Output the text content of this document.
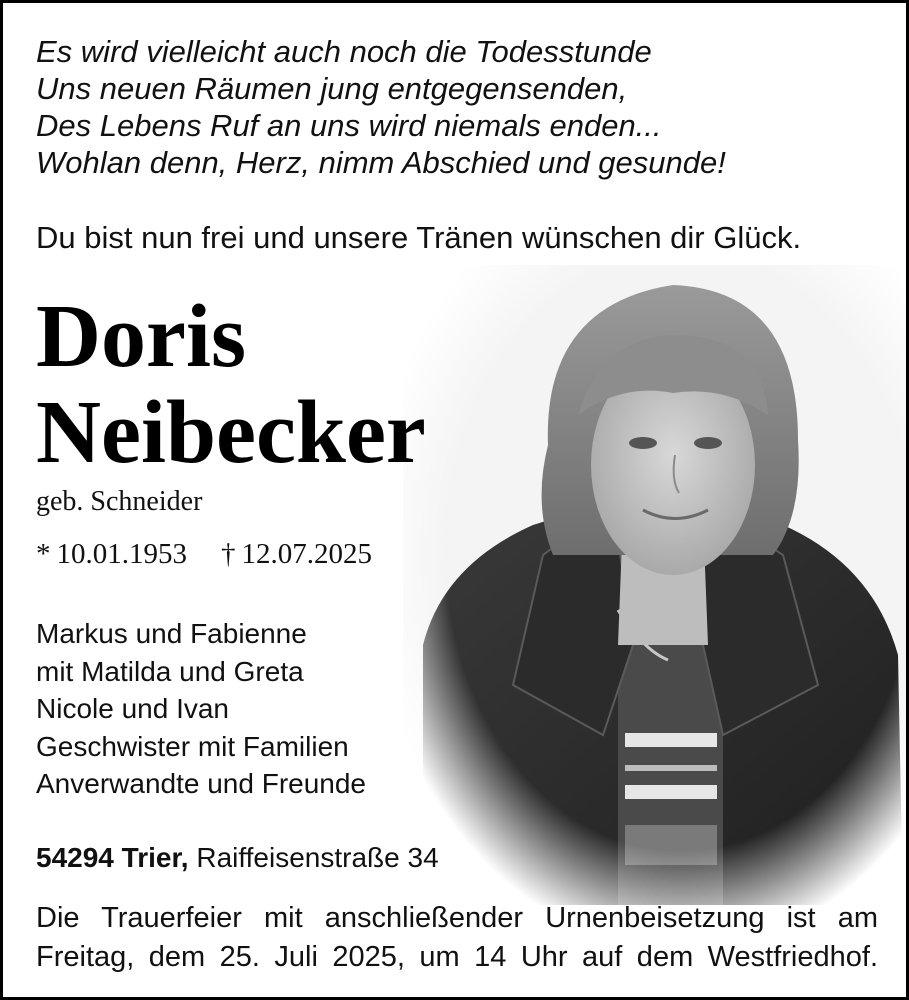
Es wird vielleicht auch noch die Todesstunde
Uns neuen Räumen jung entgegensenden,
Des Lebens Ruf an uns wird niemals enden...
Wohlan denn, Herz, nimm Abschied und gesunde!
Du bist nun frei und unsere Tränen wünschen dir Glück.
Doris
Neibecker
geb. Schneider
* 10.01.1953 † 12.07.2025
Markus und Fabienne
mit Matilda und Greta
Nicole und Ivan
Geschwister mit Familien
Anverwandte und Freunde
54294 Trier, Raiffeisenstraße 34
Die Trauerfeier mit anschließender Urnenbeisetzung ist am
Freitag, dem 25. Juli 2025, um 14 Uhr auf dem Westfriedhof.
